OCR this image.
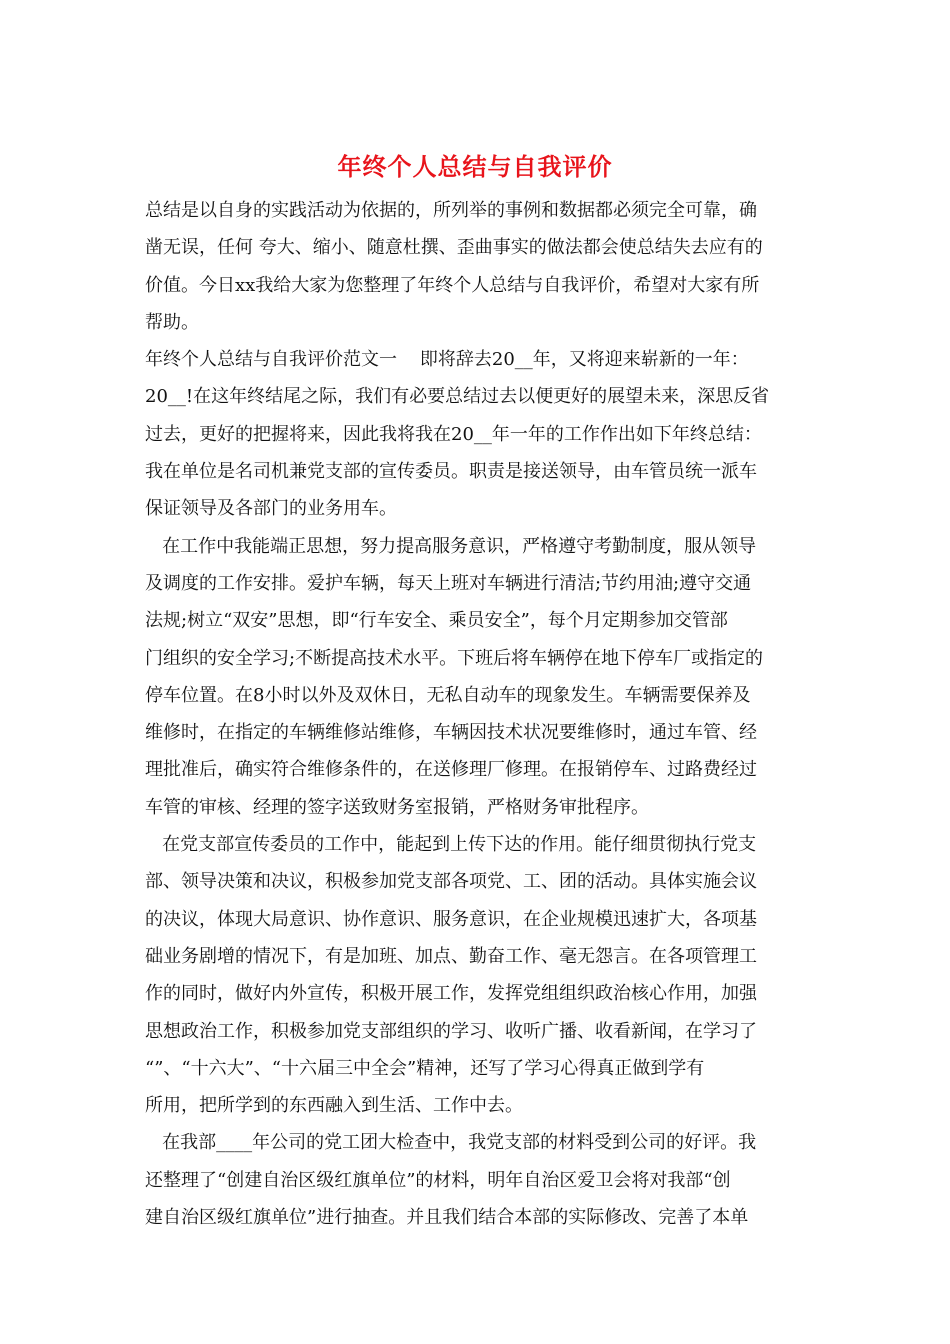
年终个人总结与自我评价
总结是以自身的实践活动为依据的，所列举的事例和数据都必须完全可靠，确
凿无误，任何 夸大、缩小、随意杜撰、歪曲事实的做法都会使总结失去应有的
价值。今日xx我给大家为您整理了年终个人总结与自我评价，希望对大家有所
帮助。
年终个人总结与自我评价范文一    即将辞去20__年，又将迎来崭新的一年：
20__!在这年终结尾之际，我们有必要总结过去以便更好的展望未来，深思反省
过去，更好的把握将来，因此我将我在20__年一年的工作作出如下年终总结：
我在单位是名司机兼党支部的宣传委员。职责是接送领导，由车管员统一派车
保证领导及各部门的业务用车。
在工作中我能端正思想，努力提高服务意识，严格遵守考勤制度，服从领导
及调度的工作安排。爱护车辆，每天上班对车辆进行清洁;节约用油;遵守交通
法规;树立“双安”思想，即“行车安全、乘员安全”，每个月定期参加交管部
门组织的安全学习;不断提高技术水平。下班后将车辆停在地下停车厂或指定的
停车位置。在8小时以外及双休日，无私自动车的现象发生。车辆需要保养及
维修时，在指定的车辆维修站维修，车辆因技术状况要维修时，通过车管、经
理批准后，确实符合维修条件的，在送修理厂修理。在报销停车、过路费经过
车管的审核、经理的签字送致财务室报销，严格财务审批程序。
在党支部宣传委员的工作中，能起到上传下达的作用。能仔细贯彻执行党支
部、领导决策和决议，积极参加党支部各项党、工、团的活动。具体实施会议
的决议，体现大局意识、协作意识、服务意识，在企业规模迅速扩大，各项基
础业务剧增的情况下，有是加班、加点、勤奋工作、毫无怨言。在各项管理工
作的同时，做好内外宣传，积极开展工作，发挥党组组织政治核心作用，加强
思想政治工作，积极参加党支部组织的学习、收听广播、收看新闻，在学习了
“”、“十六大”、“十六届三中全会”精神，还写了学习心得真正做到学有
所用，把所学到的东西融入到生活、工作中去。
在我部____年公司的党工团大检查中，我党支部的材料受到公司的好评。我
还整理了“创建自治区级红旗单位”的材料，明年自治区爱卫会将对我部“创
建自治区级红旗单位”进行抽查。并且我们结合本部的实际修改、完善了本单
